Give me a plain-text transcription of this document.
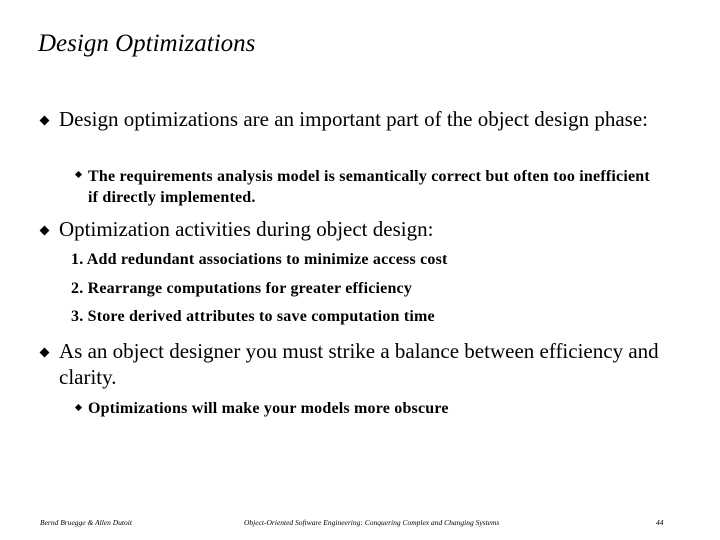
Design Optimizations
Design optimizations are an important part of the object design phase:
The requirements analysis model is semantically correct but often too inefficient if directly implemented.
Optimization activities during object design:
1. Add redundant associations to minimize access cost
2. Rearrange computations for greater efficiency
3. Store derived attributes to save computation time
As an object designer you must strike a balance between efficiency and clarity.
Optimizations will make your models more obscure
Bernd Bruegge & Allen Dutoit	Object-Oriented Software Engineering: Conquering Complex and Changing Systems	44
